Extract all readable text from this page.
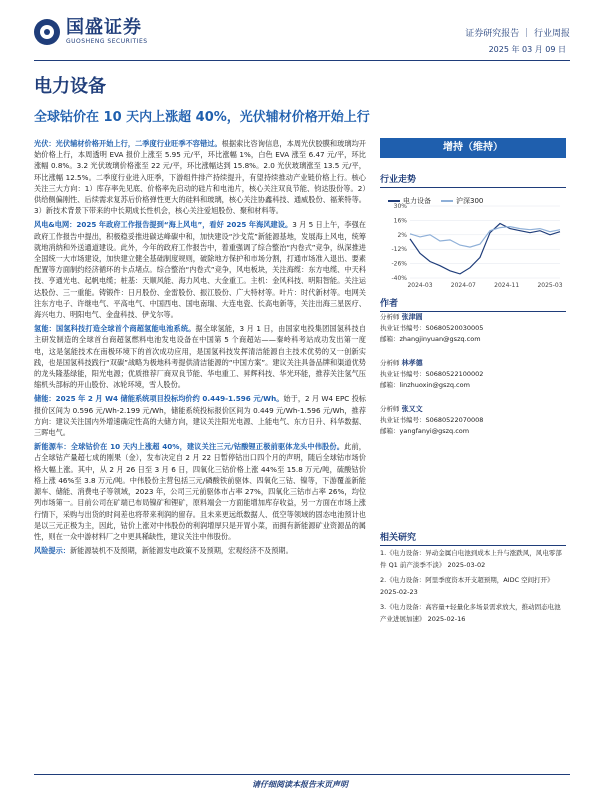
国盛证券
GUOSHENG SECURITIES
证券研究报告 ｜ 行业周报
2025 年 03 月 09 日
电力设备
全球钴价在 10 天内上涨超 40%，光伏辅材价格开始上行
光伏：光伏辅材价格开始上行，二季度行业旺季不容错过。根据索比咨询信息，本周光伏胶膜和玻璃均开始价格上行，本周透明 EVA 报价上涨至 5.95 元/平，环比涨幅 1%，白色 EVA 涨至 6.47 元/平，环比涨幅 0.8%。3.2 光伏玻璃价格涨至 22 元/平，环比涨幅达到 15.8%。2.0 光伏玻璃涨至 13.5 元/平，环比涨幅 12.5%。二季度行业进入旺季，下游组件排产持续提升，有望持续推动产业链价格上行。核心关注三大方向：1）库存率先见底、价格率先启动的硅片和电池片，核心关注双良节能、钧达股份等。2）供给侧偏刚性、后续需求复苏后价格弹性更大的硅料和玻璃，核心关注协鑫科技、通威股份、福莱特等。3）新技术背景下带来的中长期成长性机会，核心关注爱旭股份、聚和材料等。
风电&电网：2025 年政府工作报告提到“海上风电”，看好 2025 年海风建设。3 月 5 日上午，李强在政府工作报告中提出，积极稳妥推进碳达峰碳中和，加快建设“沙戈荒”新能源基地，发展海上风电，统筹就地消纳和外送通道建设。此外，今年的政府工作报告中，着重强调了综合整治“内卷式”竞争，纵深推进全国统一大市场建设，加快建立健全基础制度规则，破除地方保护和市场分割，打通市场准入退出、要素配置等方面制约经济循环的卡点堵点。综合整治“内卷式”竞争，风电板块，关注海缆：东方电缆、中天科技、亨通光电、起帆电缆；桩基：天顺风能、海力风电、大金重工。主机：金风科技、明阳智能。关注运达股份、三一重能。铸锻件：日月股份、金雷股份、振江股份、广大特材等。叶片：时代新材等。电网关注东方电子、许继电气、平高电气、中国西电、国电南瑞、大连电瓷、长高电新等，关注出海三星医疗、海兴电力、明阳电气、金盘科技、伊戈尔等。
氢能：国氢科技打造全球首个商超氢能电池系统。据全球氢能，3 月 1 日，由国家电投集团国氢科技自主研发制造的全球首台商超氢燃料电池发电设备在中国第 5 个商超站——秦岭科考站成功发出第一度电，这是氢能技术在南极环境下的首次成功应用，是国氢科技发挥清洁能源自主技术优势的又一创新实践，也是国氢科技践行“双碳”战略为极地科考提供清洁能源的“中国方案”。建议关注具备品牌和渠道优势的龙头隆基绿能，阳光电源；优质推荐厂商双良节能、华电重工、昇辉科技、华光环能，推荐关注氢气压缩机头部标的开山股份、冰轮环境，雪人股份。
储能：2025 年 2 月 W4 储能系统项目投标均价约 0.449-1.596 元/Wh。始于，2 月 W4 EPC 投标报价区间为 0.596 元/Wh-2.199 元/Wh，储能系统投标报价区间为 0.449 元/Wh-1.596 元/Wh，推荐方向：建议关注国内外增速确定性高的大储方向，建议关注阳光电源、上能电气、东方日升、科华数据、三晖电气。
新能源车：全球钴价在 10 天内上涨超 40%，建议关注三元/钴酸锂正极前驱体龙头中伟股份。此前，占全球钴产量超七成的刚果（金），发布决定自 2 月 22 日暂停钴出口四个月的声明，随后全球钴市场价格大幅上涨。其中，从 2 月 26 日至 3 月 6 日，四氧化三钴价格上涨 44%至 15.8 万元/吨，硫酸钴价格上涨 46%至 3.8 万元/吨。中伟股份主营包括三元/磷酸铁前驱体、四氧化三钴、镍等，下游覆盖新能源车、储能、消费电子等领域，2023 年，公司三元前驱体市占率 27%，四氧化三钴市占率 26%，均位列市场第一。目前公司在矿端已布局镍矿和锂矿，原料端会一方面能增加库存收益，另一方面在市场上涨行情下，采购与出货的时间差也将带来利润的留存。且未来更远纸数据人、低空等领域的固态电池预计也是以三元正极为主，因此，钴价上涨对中伟股份的利润增厚只是开胃小菜，而拥有新能源矿业资源品的属性，则在一众中游材料厂之中更具稀缺性，建议关注中伟股份。
风险提示：新能源装机不及预期，新能源发电政策不及预期，宏观经济不及预期。
增持（维持）
行业走势
电力设备	沪深300
30%
16%
2%
-12%
-26%
-40%
2024-03	2024-07	2024-11	2025-03
作者
分析师 张津圆
执业证书编号：S0680520030005
邮箱：zhangjinyuan@gszq.com
分析师 林孝德
执业证书编号：S0680522100002
邮箱：linzhuoxin@gszq.com
分析师 张又文
执业证书编号：S0680522070008
邮箱：yangfanyi@gszq.com
相关研究
1.《电力设备：异动金属自电池到成本上升与涨跌风，风电零部件 Q1 前产淡季不淡》 2025-03-02
2.《电力设备：阿里季度资本开支超预期，AIDC 空间打开》 2025-02-23
3.《电力设备：高容量+轻量化多场景需求放大，推动固态电池产业进展加速》 2025-02-16
请仔细阅读本报告末页声明
